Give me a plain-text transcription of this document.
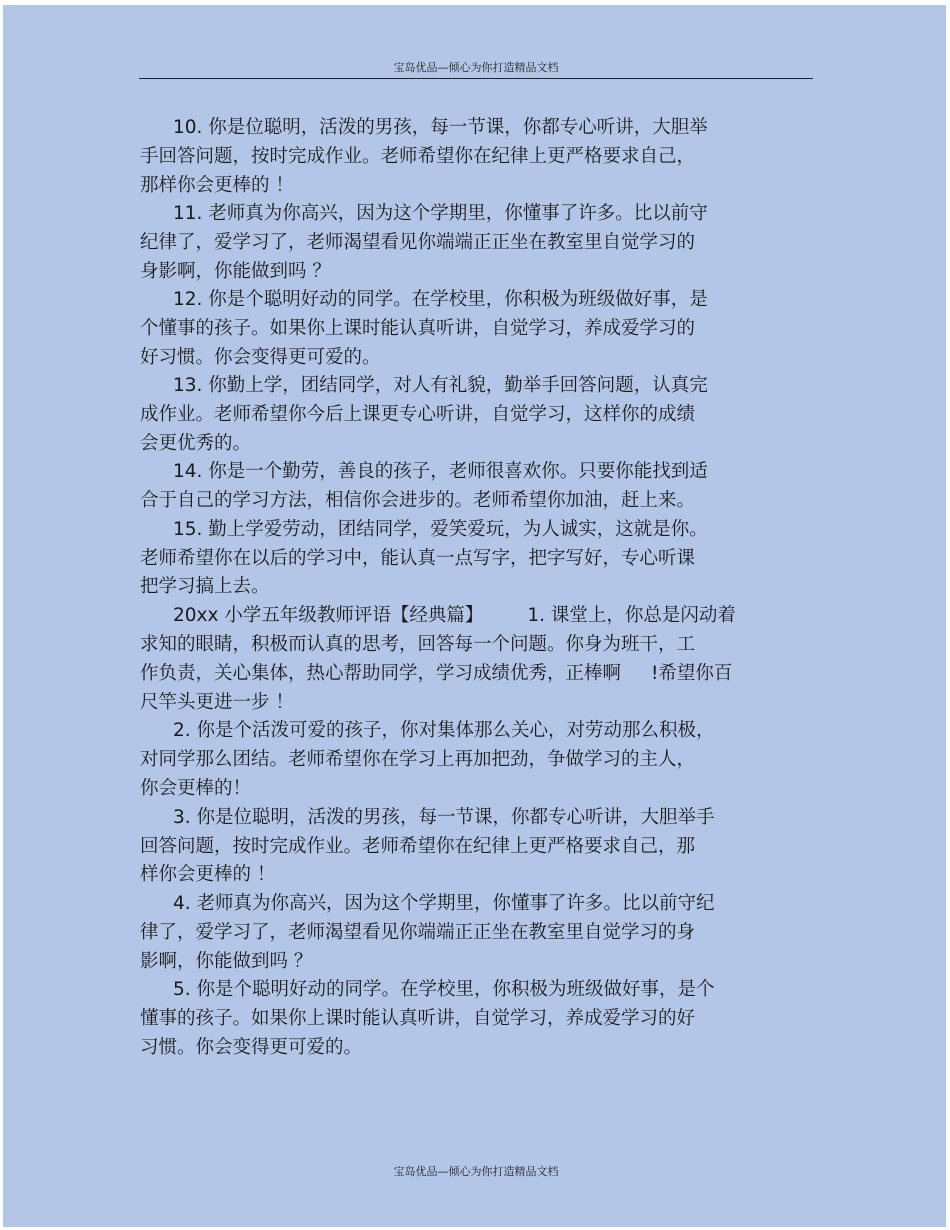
宝岛优品—倾心为你打造精品文档
10. 你是位聪明，活泼的男孩，每一节课，你都专心听讲，大胆举
手回答问题，按时完成作业。老师希望你在纪律上更严格要求自己，
那样你会更棒的 ！
11. 老师真为你高兴，因为这个学期里，你懂事了许多。比以前守
纪律了，爱学习了，老师渴望看见你端端正正坐在教室里自觉学习的
身影啊，你能做到吗 ？
12. 你是个聪明好动的同学。在学校里，你积极为班级做好事，是
个懂事的孩子。如果你上课时能认真听讲，自觉学习，养成爱学习的
好习惯。你会变得更可爱的。
13. 你勤上学，团结同学，对人有礼貌，勤举手回答问题，认真完
成作业。老师希望你今后上课更专心听讲，自觉学习，这样你的成绩
会更优秀的。
14. 你是一个勤劳，善良的孩子，老师很喜欢你。只要你能找到适
合于自己的学习方法，相信你会进步的。老师希望你加油，赶上来。
15. 勤上学爱劳动，团结同学，爱笑爱玩，为人诚实，这就是你。
老师希望你在以后的学习中，能认真一点写字，把字写好，专心听课
把学习搞上去。
20xx 小学五年级教师评语【经典篇】 1. 课堂上，你总是闪动着
求知的眼睛，积极而认真的思考，回答每一个问题。你身为班干，工
作负责，关心集体，热心帮助同学，学习成绩优秀，正棒啊 !希望你百
尺竿头更进一步 ！
2. 你是个活泼可爱的孩子，你对集体那么关心，对劳动那么积极，
对同学那么团结。老师希望你在学习上再加把劲，争做学习的主人，
你会更棒的！
3. 你是位聪明，活泼的男孩，每一节课，你都专心听讲，大胆举手
回答问题，按时完成作业。老师希望你在纪律上更严格要求自己，那
样你会更棒的 ！
4. 老师真为你高兴，因为这个学期里，你懂事了许多。比以前守纪
律了，爱学习了，老师渴望看见你端端正正坐在教室里自觉学习的身
影啊，你能做到吗 ？
5. 你是个聪明好动的同学。在学校里，你积极为班级做好事，是个
懂事的孩子。如果你上课时能认真听讲，自觉学习，养成爱学习的好
习惯。你会变得更可爱的。
宝岛优品—倾心为你打造精品文档
